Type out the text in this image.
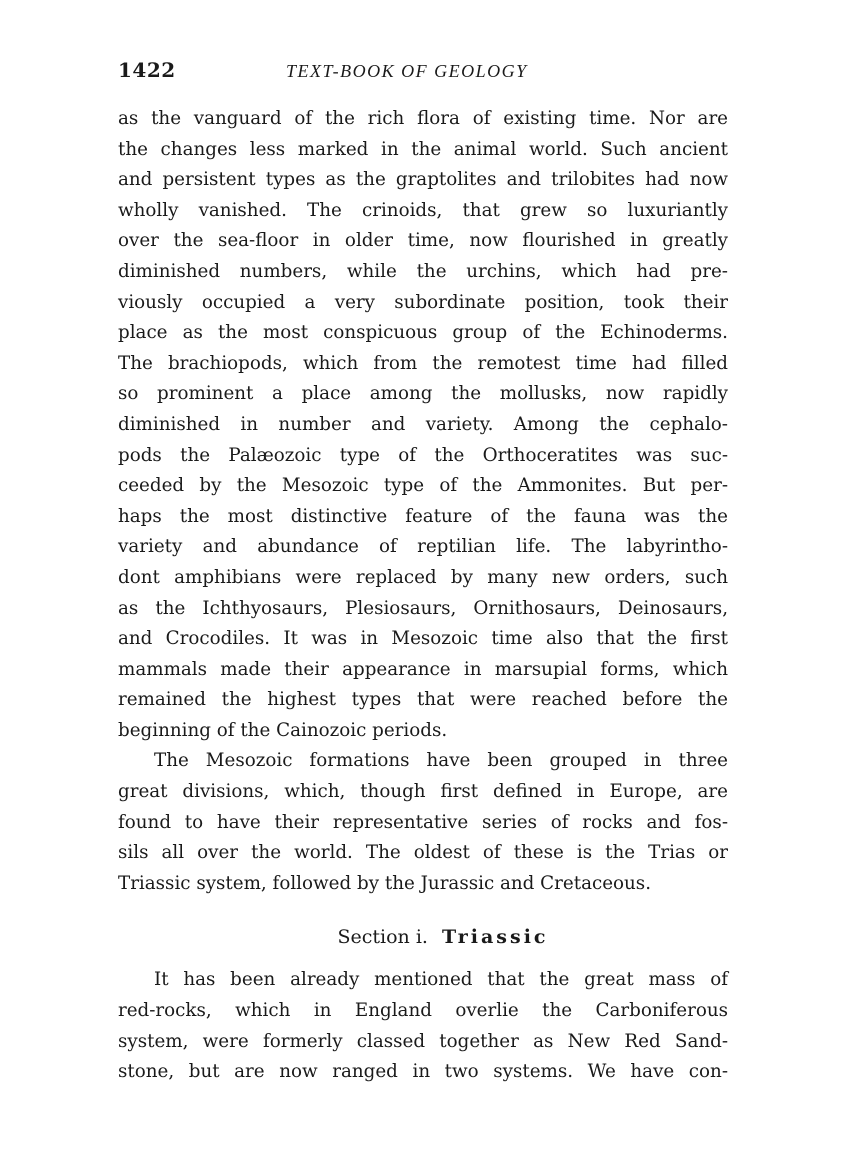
1422	TEXT-BOOK OF GEOLOGY
as the vanguard of the rich flora of existing time. Nor are
the changes less marked in the animal world. Such ancient
and persistent types as the graptolites and trilobites had now
wholly vanished. The crinoids, that grew so luxuriantly
over the sea-floor in older time, now flourished in greatly
diminished numbers, while the urchins, which had pre-
viously occupied a very subordinate position, took their
place as the most conspicuous group of the Echinoderms.
The brachiopods, which from the remotest time had filled
so prominent a place among the mollusks, now rapidly
diminished in number and variety. Among the cephalo-
pods the Palæozoic type of the Orthoceratites was suc-
ceeded by the Mesozoic type of the Ammonites. But per-
haps the most distinctive feature of the fauna was the
variety and abundance of reptilian life. The labyrintho-
dont amphibians were replaced by many new orders, such
as the Ichthyosaurs, Plesiosaurs, Ornithosaurs, Deinosaurs,
and Crocodiles. It was in Mesozoic time also that the first
mammals made their appearance in marsupial forms, which
remained the highest types that were reached before the
beginning of the Cainozoic periods.
The Mesozoic formations have been grouped in three
great divisions, which, though first defined in Europe, are
found to have their representative series of rocks and fos-
sils all over the world. The oldest of these is the Trias or
Triassic system, followed by the Jurassic and Cretaceous.
Section i. Triassic
It has been already mentioned that the great mass of
red-rocks, which in England overlie the Carboniferous
system, were formerly classed together as New Red Sand-
stone, but are now ranged in two systems. We have con-
